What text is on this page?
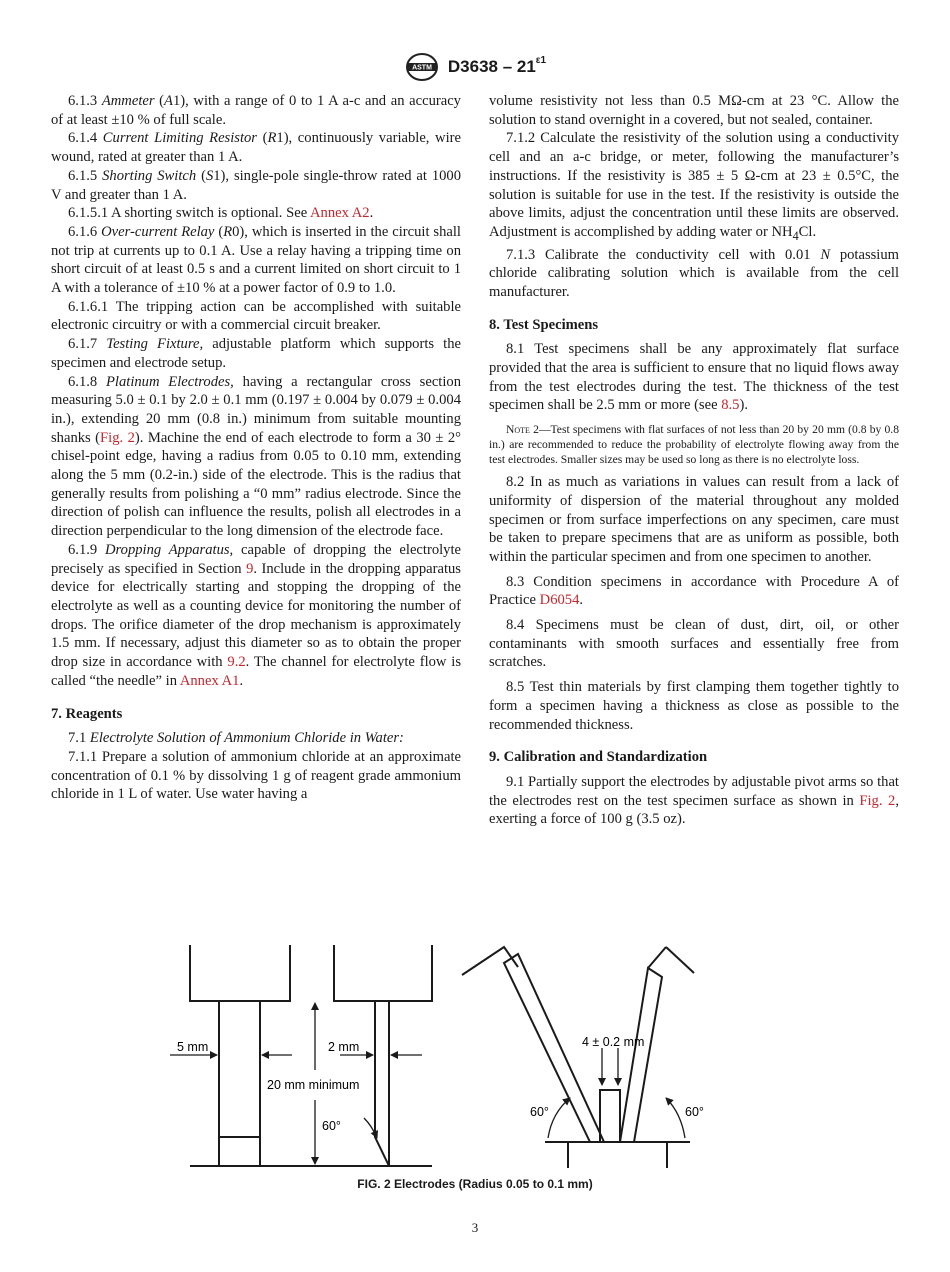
ASTM $D3638 - 21^{\varepsilon 1}$

6.1.3 Ammeter (A1), with a range of 0 to 1 A a-c and an accuracy of at least ±10 % of full scale.

6.1.4 Current Limiting Resistor (R1), continuously variable, wire wound, rated at greater than 1 A.

6.1.5 Shorting Switch (S1), single-pole single-throw rated at 1000 V and greater than 1 A.

6.1.5.1 A shorting switch is optional. See Annex A2.

6.1.6 Over-current Relay (R0), which is inserted in the circuit shall not trip at currents up to 0.1 A. Use a relay having a tripping time on short circuit of at least 0.5 s and a current limited on short circuit to 1 A with a tolerance of ±10 % at a power factor of 0.9 to 1.0.

6.1.6.1 The tripping action can be accomplished with suitable electronic circuitry or with a commercial circuit breaker.

6.1.7 Testing Fixture, adjustable platform which supports the specimen and electrode setup.

6.1.8 Platinum Electrodes, having a rectangular cross section measuring 5.0 ± 0.1 by 2.0 ± 0.1 mm (0.197 ± 0.004 by 0.079 ± 0.004 in.), extending 20 mm (0.8 in.) minimum from suitable mounting shanks (Fig. 2). Machine the end of each electrode to form a 30 ± 2° chisel-point edge, having a radius from 0.05 to 0.10 mm, extending along the 5 mm (0.2-in.) side of the electrode. This is the radius that generally results from polishing a “0 mm” radius electrode. Since the direction of polish can influence the results, polish all electrodes in a direction perpendicular to the long dimension of the electrode face.

6.1.9 Dropping Apparatus, capable of dropping the electrolyte precisely as specified in Section 9. Include in the dropping apparatus device for electrically starting and stopping the dropping of the electrolyte as well as a counting device for monitoring the number of drops. The orifice diameter of the drop mechanism is approximately 1.5 mm. If necessary, adjust this diameter so as to obtain the proper drop size in accordance with 9.2. The channel for electrolyte flow is called “the needle” in Annex A1.

7. Reagents

7.1 Electrolyte Solution of Ammonium Chloride in Water:

7.1.1 Prepare a solution of ammonium chloride at an approximate concentration of 0.1 % by dissolving 1 g of reagent grade ammonium chloride in 1 L of water. Use water having a

volume resistivity not less than 0.5 MΩ-cm at 23 °C. Allow the solution to stand overnight in a covered, but not sealed, container.

7.1.2 Calculate the resistivity of the solution using a conductivity cell and an a-c bridge, or meter, following the manufacturer’s instructions. If the resistivity is 385 ± 5 Ω-cm at 23 ± 0.5°C, the solution is suitable for use in the test. If the resistivity is outside the above limits, adjust the concentration until these limits are observed. Adjustment is accomplished by adding water or $NH_4Cl$.

7.1.3 Calibrate the conductivity cell with 0.01 N potassium chloride calibrating solution which is available from the cell manufacturer.

8. Test Specimens

8.1 Test specimens shall be any approximately flat surface provided that the area is sufficient to ensure that no liquid flows away from the test electrodes during the test. The thickness of the test specimen shall be 2.5 mm or more (see 8.5).

Note 2—Test specimens with flat surfaces of not less than 20 by 20 mm (0.8 by 0.8 in.) are recommended to reduce the probability of electrolyte flowing away from the test electrodes. Smaller sizes may be used so long as there is no electrolyte loss.

8.2 In as much as variations in values can result from a lack of uniformity of dispersion of the material throughout any molded specimen or from surface imperfections on any specimen, care must be taken to prepare specimens that are as uniform as possible, both within the particular specimen and from one specimen to another.

8.3 Condition specimens in accordance with Procedure A of Practice D6054.

8.4 Specimens must be clean of dust, dirt, oil, or other contaminants with smooth surfaces and essentially free from scratches.

8.5 Test thin materials by first clamping them together tightly to form a specimen having a thickness as close as possible to the recommended thickness.

9. Calibration and Standardization

9.1 Partially support the electrodes by adjustable pivot arms so that the electrodes rest on the test specimen surface as shown in Fig. 2, exerting a force of 100 g (3.5 oz).

5 mm	2 mm
20 mm minimum
60°
4 ± 0.2 mm
60°	60°
FIG. 2 Electrodes (Radius 0.05 to 0.1 mm)
3
